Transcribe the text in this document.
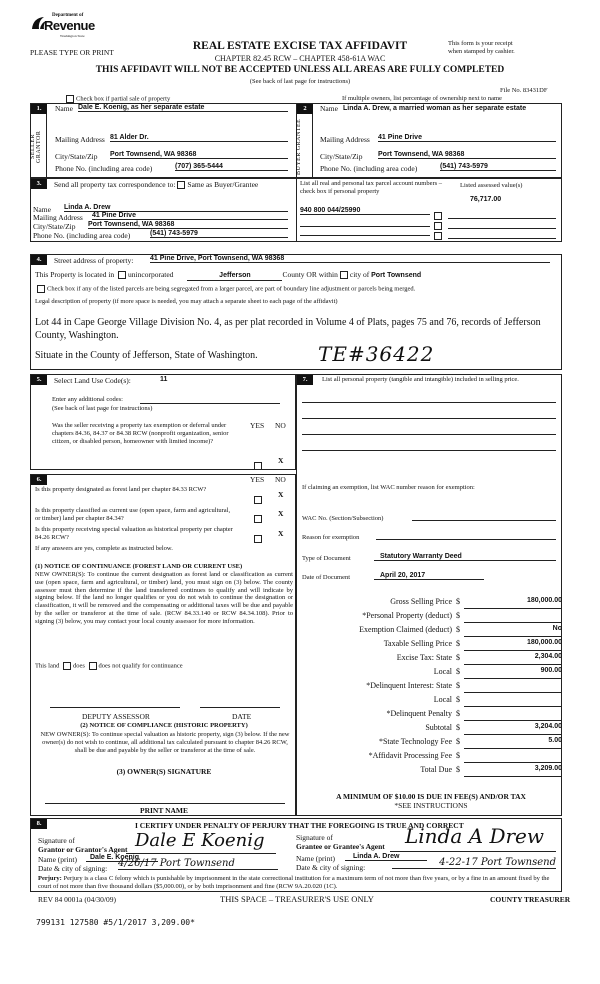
Department of
Revenue
Washington State
PLEASE TYPE OR PRINT
REAL ESTATE EXCISE TAX AFFIDAVIT
CHAPTER 82.45 RCW – CHAPTER 458-61A WAC
THIS AFFIDAVIT WILL NOT BE ACCEPTED UNLESS ALL AREAS ARE FULLY COMPLETED
(See back of last page for instructions)
This form is your receipt
when stamped by cashier.
File No. 83431DF
Check box if partial sale of property	If multiple owners, list percentage of ownership next to name
1.	2
SELLER GRANTOR	BUYER GRANTEE
Name Dale E. Koenig, as her separate estate
Mailing Address 81 Alder Dr.
City/State/Zip Port Townsend, WA 98368
Phone No. (including area code)	(707) 365-5444
Name Linda A. Drew, a married woman as her separate estate
Mailing Address 41 Pine Drive
City/State/Zip Port Townsend, WA 98368
Phone No. (including area code)	(541) 743-5979
3.	Send all property tax correspondence to: Same as Buyer/Grantee	List all real and personal tax parcel account numbers – check box if personal property
Listed assessed value(s)
76,717.00
940 800 044/25990
Name Linda A. Drew
Mailing Address 41 Pine Drive
City/State/Zip Port Townsend, WA 98368
Phone No. (including area code)	(541) 743-5979
4.	Street address of property: 41 Pine Drive, Port Townsend, WA 98368
This Property is located in unincorporated	Jefferson	County OR within city of Port Townsend
Check box if any of the listed parcels are being segregated from a larger parcel, are part of boundary line adjustment or parcels being merged.
Legal description of property (if more space is needed, you may attach a separate sheet to each page of the affidavit)
Lot 44 in Cape George Village Division No. 4, as per plat recorded in Volume 4 of Plats, pages 75 and 76, records of Jefferson County, Washington.
Situate in the County of Jefferson, State of Washington.	TE#36422
5.	Select Land Use Code(s):	11
Enter any additional codes:
(See back of last page for instructions)
Was the seller receiving a property tax exemption or deferral under chapters 84.36, 84.37 or 84.38 RCW (nonprofit organization, senior citizen, or disabled person, homeowner with limited income)?
YES NO
X
6.	YES NO
Is this property designated as forest land per chapter 84.33 RCW?
X
Is this property classified as current use (open space, farm and agricultural, or timber) land per chapter 84.34?
X
Is this property receiving special valuation as historical property per chapter 84.26 RCW?	X
If any answers are yes, complete as instructed below.
(1) NOTICE OF CONTINUANCE (FOREST LAND OR CURRENT USE)
NEW OWNER(S): To continue the current designation as forest land or classification as current use (open space, farm and agricultural, or timber) land, you must sign on (3) below. The county assessor must then determine if the land transferred continues to qualify and will indicate by signing below. If the land no longer qualifies or you do not wish to continue the designation or classification, it will be removed and the compensating or additional taxes will be due and payable by the seller or transferor at the time of sale. (RCW 84.33.140 or RCW 84.34.108). Prior to signing (3) below, you may contact your local county assessor for more information.
This land does does not qualify for continuance
DEPUTY ASSESSOR	DATE
(2) NOTICE OF COMPLIANCE (HISTORIC PROPERTY)
NEW OWNER(S): To continue special valuation as historic property, sign (3) below. If the new owner(s) do not wish to continue, all additional tax calculated pursuant to chapter 84.26 RCW, shall be due and payable by the seller or transferor at the time of sale.
(3) OWNER(S) SIGNATURE
PRINT NAME
7.	List all personal property (tangible and intangible) included in selling price.
If claiming an exemption, list WAC number reason for exemption:
WAC No. (Section/Subsection)
Reason for exemption
Type of Document	Statutory Warranty Deed
Date of Document	April 20, 2017
Gross Selling Price $	180,000.00
*Personal Property (deduct) $
Exemption Claimed (deduct) $	No
Taxable Selling Price $	180,000.00
Excise Tax: State $	2,304.00
Local $	900.00
*Delinquent Interest: State $
Local $
*Delinquent Penalty $
Subtotal $	3,204.00
*State Technology Fee $	5.00
*Affidavit Processing Fee $
Total Due $	3,209.00
A MINIMUM OF $10.00 IS DUE IN FEE(S) AND/OR TAX
*SEE INSTRUCTIONS
8.	I CERTIFY UNDER PENALTY OF PERJURY THAT THE FOREGOING IS TRUE AND CORRECT
Signature of
Grantor or Grantor's Agent Dale E Koenig
Name (print)	Dale E. Koenig
Date & city of signing: 4/26/17 Port Townsend
Signature of
Grantee or Grantee's Agent Linda A Drew
Name (print)	Linda A. Drew
Date & city of signing:	4-22-17 Port Townsend
Perjury: Perjury is a class C felony which is punishable by imprisonment in the state correctional institution for a maximum term of not more than five years, or by a fine in an amount fixed by the court of not more than five thousand dollars ($5,000.00), or by both imprisonment and fine (RCW 9A.20.020 (1C).
REV 84 0001a (04/30/09)	THIS SPACE – TREASURER'S USE ONLY	COUNTY TREASURER
799131 127580 #5/1/2017 3,209.00*
